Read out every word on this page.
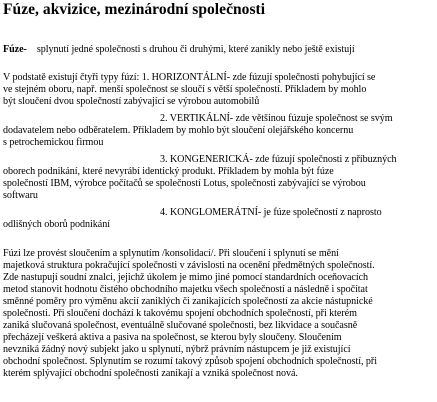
Fúze, akvizice, mezinárodní společnosti
Fúze- splynutí jedné společnosti s druhou či druhými, které zanikly nebo ještě existují
V podstatě existují čtyři typy fúzí: 1. HORIZONTÁLNÍ- zde fúzují společnosti pohybující se
ve stejném oboru, např. menší společnost se sloučí s větší společností. Příkladem by mohlo
být sloučení dvou společností zabývající se výrobou automobilů
2. VERTIKÁLNÍ- zde většinou fúzuje společnost se svým
dodavatelem nebo odběratelem. Příkladem by mohlo být sloučení olejářského koncernu
s petrochemickou firmou
3. KONGENERICKÁ- zde fúzují společnosti z příbuzných
oborech podnikání, které nevyrábí identický produkt. Příkladem by mohla být fúze
společností IBM, výrobce počítačů se společností Lotus, společnosti zabývající se výrobou
softwaru
4. KONGLOMERÁTNÍ- je fúze společností z naprosto
odlišných oborů podnikání
Fúzi lze provést sloučením a splynutím /konsolidací/. Při sloučení i splynutí se mění
majetková struktura pokračující společnosti v závislosti na ocenění předmětných společností.
Zde nastupují soudní znalci, jejichž úkolem je mimo jiné pomocí standardních oceňovacích
metod stanovit hodnotu čistého obchodního majetku všech společností a následně i spočítat
směnné poměry pro výměnu akcií zaniklých či zanikajících společností za akcie nástupnické
společnosti. Při sloučení dochází k takovému spojení obchodních společností, při kterém
zaniká slučovaná společnost, eventuálně slučované společnosti, bez likvidace a současně
přecházejí veškerá aktiva a pasiva na společnost, se kterou byly sloučeny. Sloučením
nevzniká žádný nový subjekt jako u splynutí, nýbrž právním nástupcem je již existující
obchodní společnost. Splynutím se rozumí takový způsob spojení obchodních společností, při
kterém splývající obchodní společnosti zanikají a vzniká společnost nová.
